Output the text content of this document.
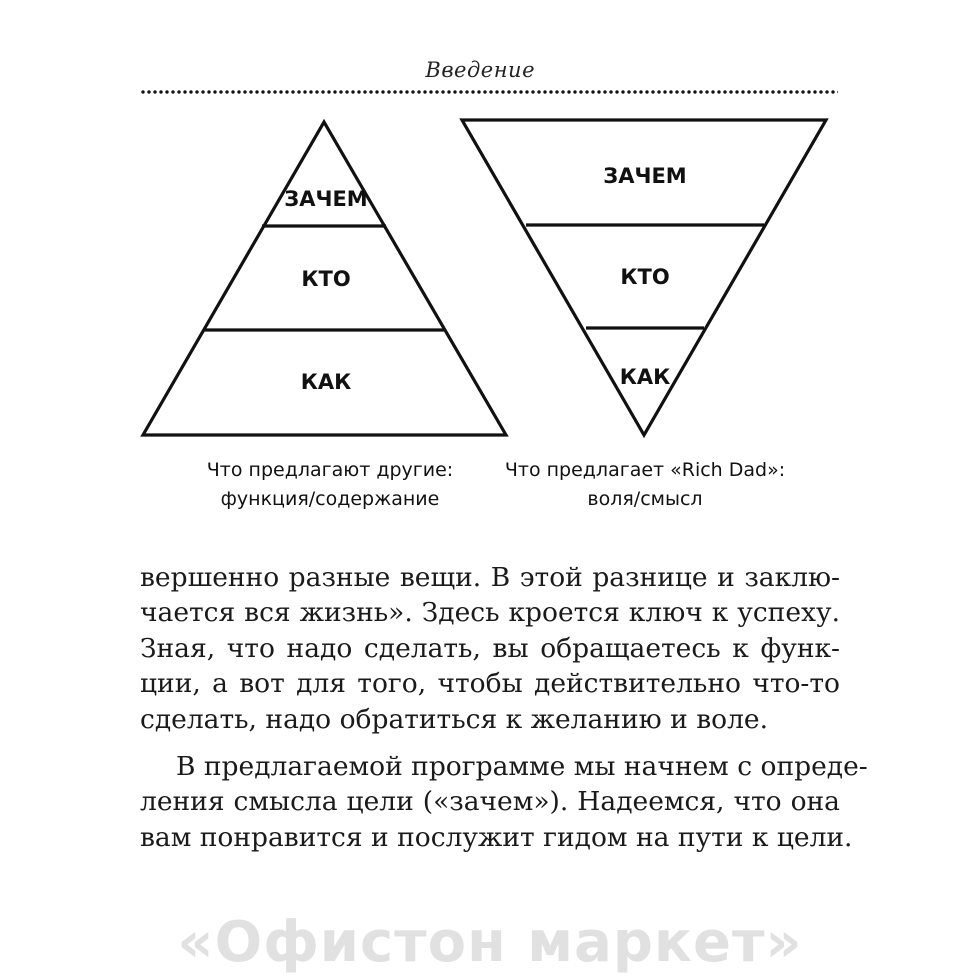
Введение
ЗАЧЕМ
КТО
КАК
ЗАЧЕМ
КТО
КАК
Что предлагают другие:
функция/содержание
Что предлагает «Rich Dad»:
воля/смысл
вершенно разные вещи. В этой разнице и заклю-
чается вся жизнь». Здесь кроется ключ к успеху.
Зная, что надо сделать, вы обращаетесь к функ-
ции, а вот для того, чтобы действительно что-то
сделать, надо обратиться к желанию и воле.
В предлагаемой программе мы начнем с опреде-
ления смысла цели («зачем»). Надеемся, что она
вам понравится и послужит гидом на пути к цели.
«Офистон маркет»
